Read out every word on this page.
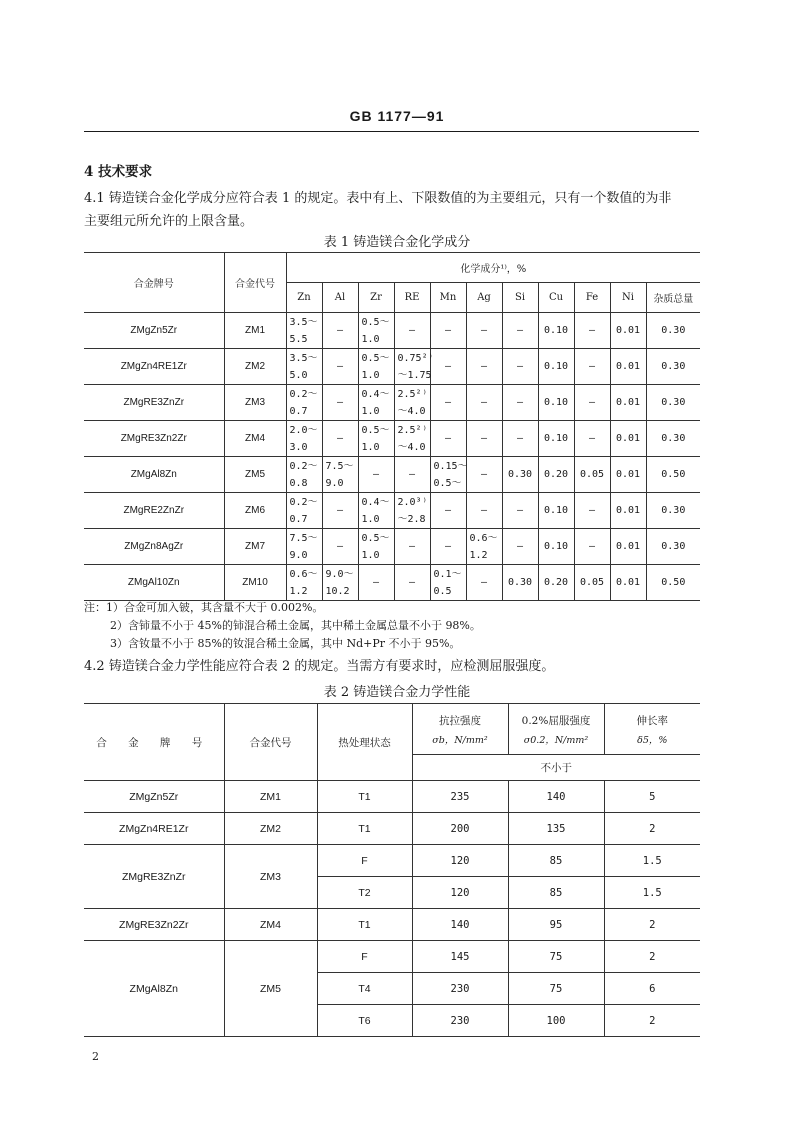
GB 1177—91
4 技术要求
4.1 铸造镁合金化学成分应符合表 1 的规定。表中有上、下限数值的为主要组元，只有一个数值的为非
主要组元所允许的上限含量。
表 1 铸造镁合金化学成分
合金牌号	合金代号	化学成分¹⁾，%										
		Zn	Al	Zr	RE	Mn	Ag	Si	Cu	Fe	Ni	杂质总量
ZMgZn5Zr	ZM1	3.5～
5.5	—	0.5～
1.0	—	—	—	—	0.10	—	0.01	0.30
ZMgZn4RE1Zr	ZM2	3.5～
5.0	—	0.5～
1.0	0.75²⁾
～1.75	—	—	—	0.10	—	0.01	0.30
ZMgRE3ZnZr	ZM3	0.2～
0.7	—	0.4～
1.0	2.5²⁾
～4.0	—	—	—	0.10	—	0.01	0.30
ZMgRE3Zn2Zr	ZM4	2.0～
3.0	—	0.5～
1.0	2.5²⁾
～4.0	—	—	—	0.10	—	0.01	0.30
ZMgAl8Zn	ZM5	0.2～
0.8	7.5～
9.0	—	—	0.15～
0.5～	—	0.30	0.20	0.05	0.01	0.50
ZMgRE2ZnZr	ZM6	0.2～
0.7	—	0.4～
1.0	2.0³⁾
～2.8	—	—	—	0.10	—	0.01	0.30
ZMgZn8AgZr	ZM7	7.5～
9.0	—	0.5～
1.0	—	—	0.6～
1.2	—	0.10	—	0.01	0.30
ZMgAl10Zn	ZM10	0.6～
1.2	9.0～
10.2	—	—	0.1～
0.5	—	0.30	0.20	0.05	0.01	0.50
注：1）合金可加入铍，其含量不大于 0.002%。
2）含铈量不小于 45%的铈混合稀土金属，其中稀土金属总量不小于 98%。
3）含钕量不小于 85%的钕混合稀土金属，其中 Nd+Pr 不小于 95%。
4.2 铸造镁合金力学性能应符合表 2 的规定。当需方有要求时，应检测屈服强度。
表 2 铸造镁合金力学性能
合 金 牌 号	合金代号	热处理状态	抗拉强度
σb，N/mm²	0.2%屈服强度
σ0.2，N/mm²	伸长率
δ5，%

			不小于		
ZMgZn5Zr	ZM1	T1	235	140	5
ZMgZn4RE1Zr	ZM2	T1	200	135	2
ZMgRE3ZnZr	ZM3	F	120	85	1.5
		T2	120	85	1.5
ZMgRE3Zn2Zr	ZM4	T1	140	95	2
ZMgAl8Zn	ZM5	F	145	75	2
		T4	230	75	6
		T6	230	100	2
2
